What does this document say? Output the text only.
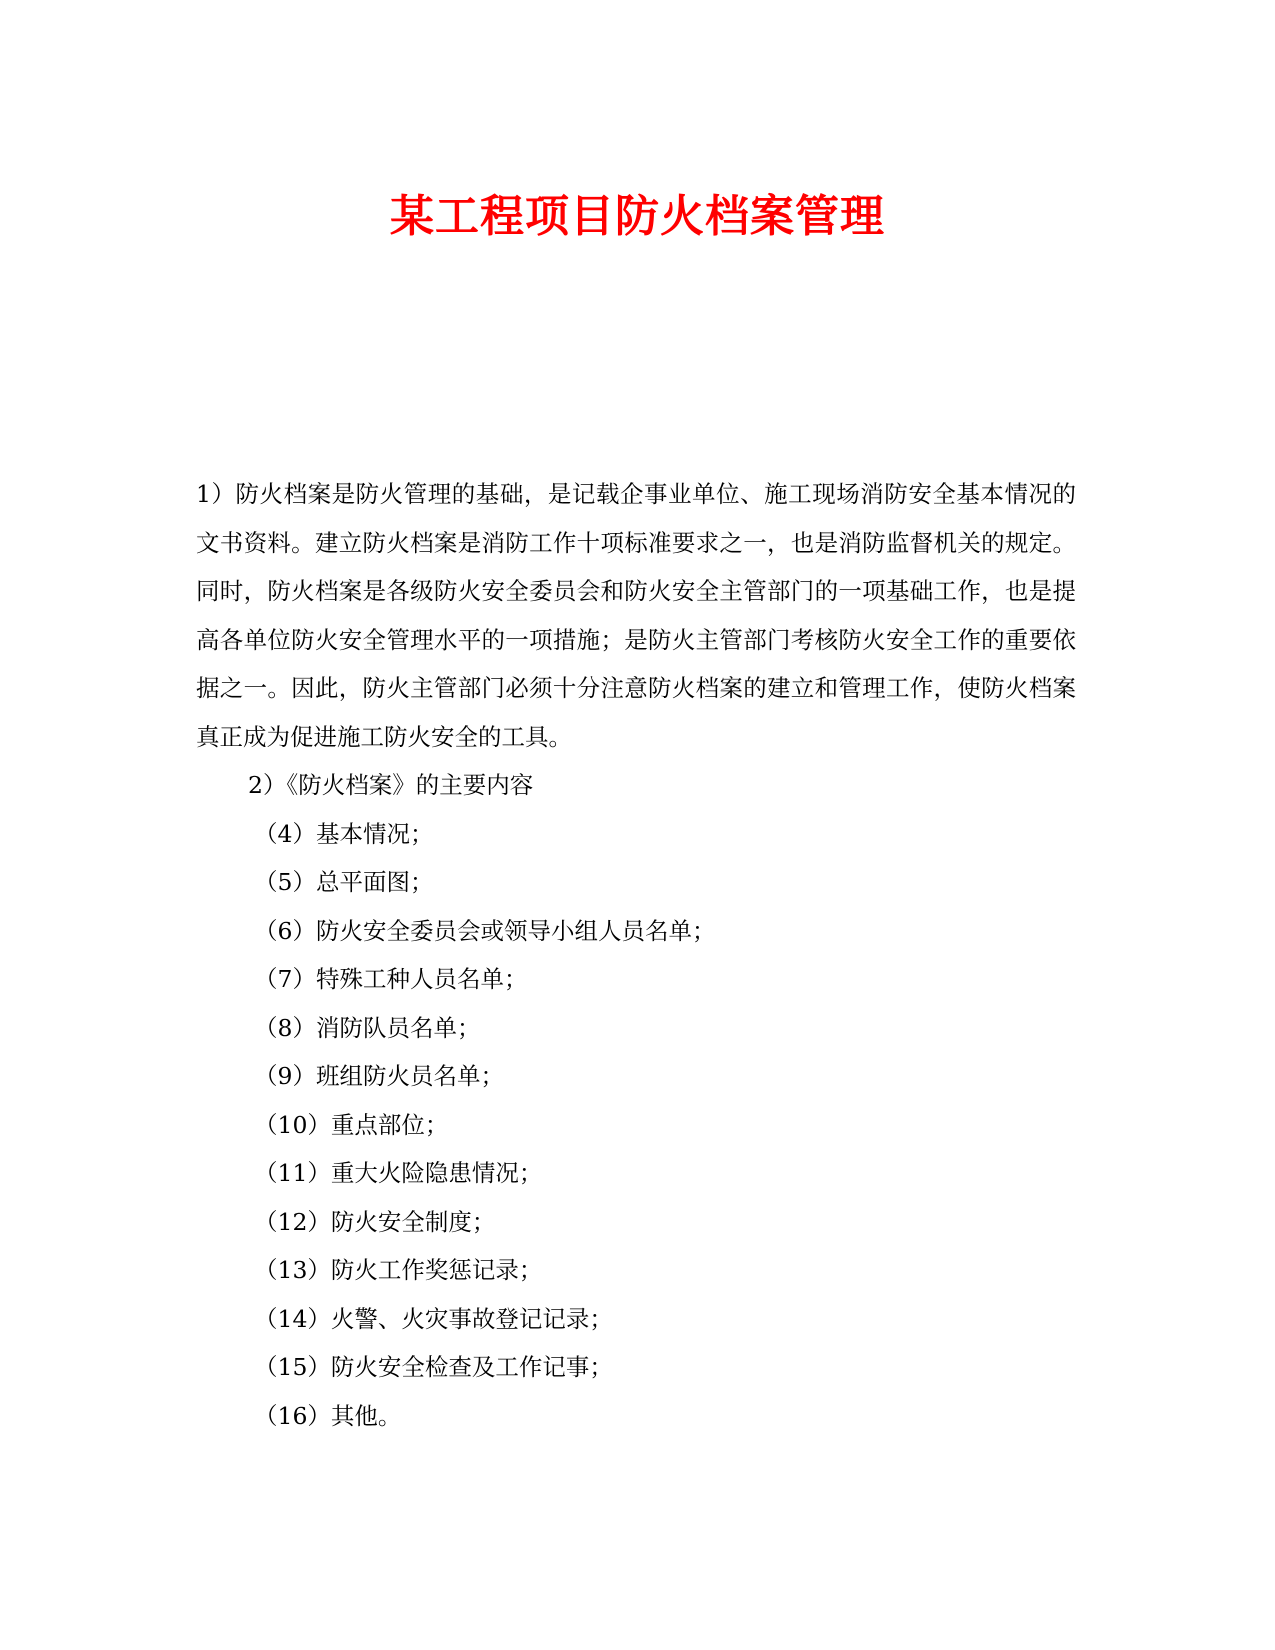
某工程项目防火档案管理

1）防火档案是防火管理的基础，是记载企事业单位、施工现场消防安全基本情况的文书资料。建立防火档案是消防工作十项标准要求之一，也是消防监督机关的规定。同时，防火档案是各级防火安全委员会和防火安全主管部门的一项基础工作，也是提高各单位防火安全管理水平的一项措施；是防火主管部门考核防火安全工作的重要依据之一。因此，防火主管部门必须十分注意防火档案的建立和管理工作，使防火档案真正成为促进施工防火安全的工具。

2）《防火档案》的主要内容

（4）基本情况；
（5）总平面图；
（6）防火安全委员会或领导小组人员名单；
（7）特殊工种人员名单；
（8）消防队员名单；
（9）班组防火员名单；
（10）重点部位；
（11）重大火险隐患情况；
（12）防火安全制度；
（13）防火工作奖惩记录；
（14）火警、火灾事故登记记录；
（15）防火安全检查及工作记事；
（16）其他。
